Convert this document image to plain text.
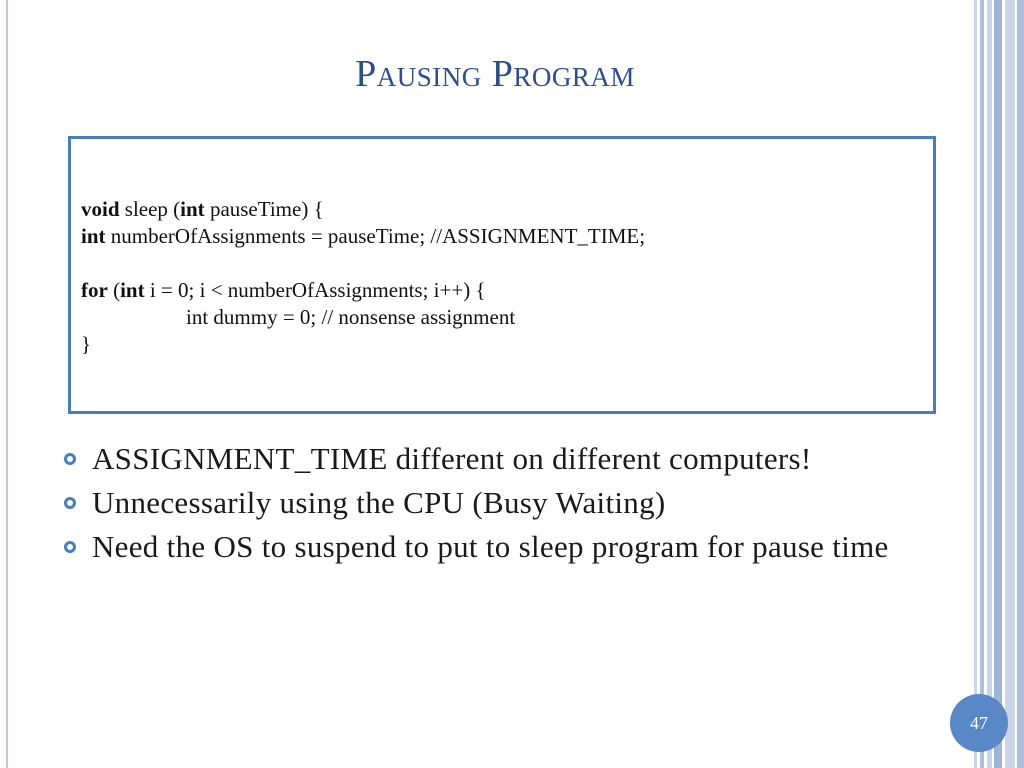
Pausing Program
void sleep (int pauseTime) {
int numberOfAssignments = pauseTime; //ASSIGNMENT_TIME;
for (int i = 0; i < numberOfAssignments; i++) {
int dummy = 0; // nonsense assignment
}
ASSIGNMENT_TIME different on different computers!
Unnecessarily using the CPU (Busy Waiting)
Need the OS to suspend to put to sleep program for pause time
47
